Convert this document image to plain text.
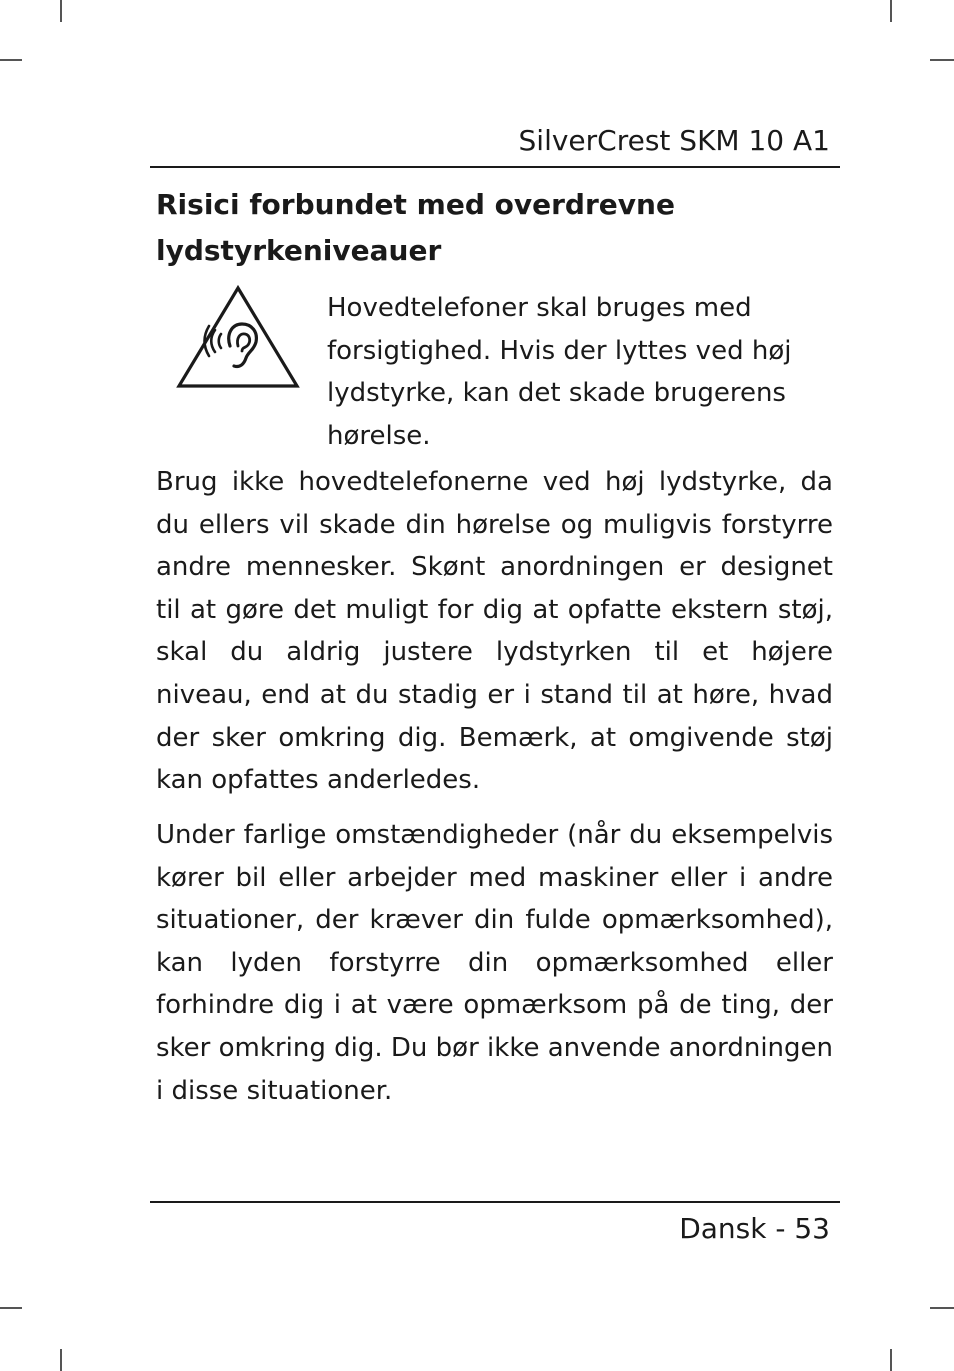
SilverCrest SKM 10 A1
Risici forbundet med overdrevne lydstyrkeniveauer

Hovedtelefoner skal bruges med forsigtighed. Hvis der lyttes ved høj lydstyrke, kan det skade brugerens hørelse.

Brug ikke hovedtelefonerne ved høj lydstyrke, da du ellers vil skade din hørelse og muligvis forstyrre andre mennesker. Skønt anordningen er designet til at gøre det muligt for dig at opfatte ekstern støj, skal du aldrig justere lydstyrken til et højere niveau, end at du stadig er i stand til at høre, hvad der sker omkring dig. Bemærk, at omgivende støj kan opfattes anderledes.

Under farlige omstændigheder (når du eksempelvis kører bil eller arbejder med maskiner eller i andre situationer, der kræver din fulde opmærksomhed), kan lyden forstyrre din opmærksomhed eller forhindre dig i at være opmærksom på de ting, der sker omkring dig. Du bør ikke anvende anordningen i disse situationer.

Dansk - 53
